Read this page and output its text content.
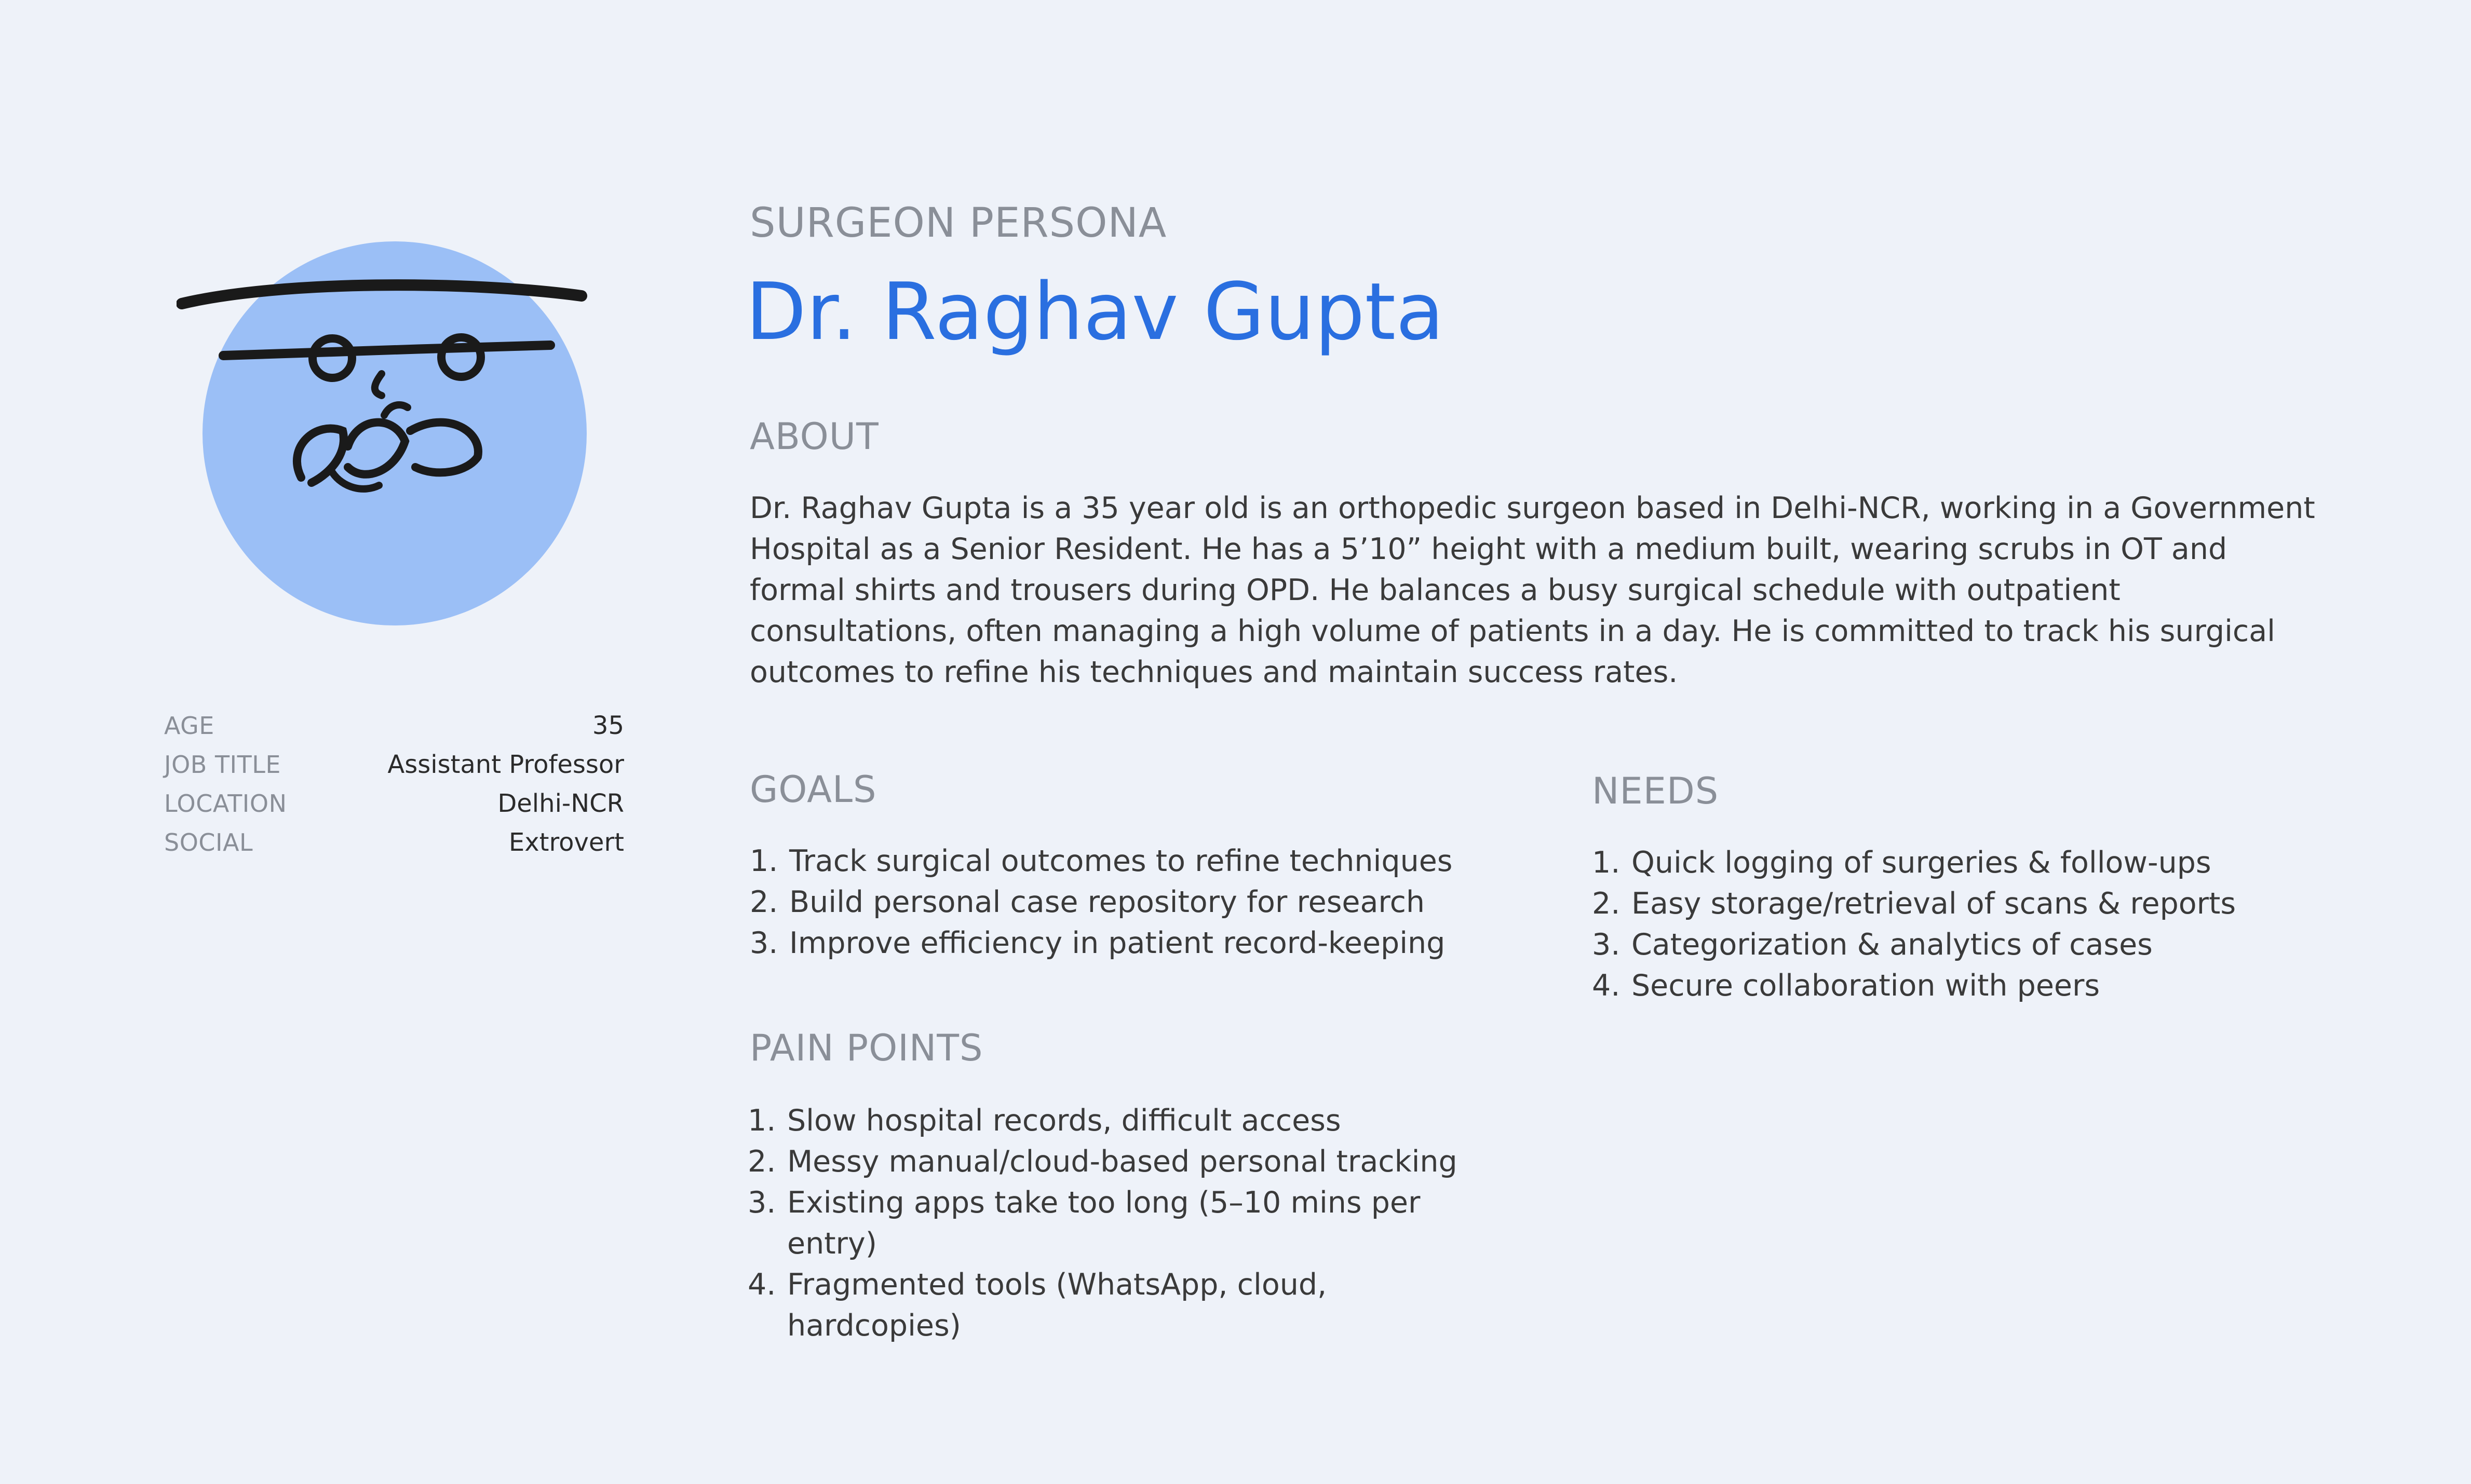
AGE	35
JOB TITLE	Assistant Professor
LOCATION	Delhi-NCR
SOCIAL	Extrovert
SURGEON PERSONA
Dr. Raghav Gupta
ABOUT

Dr. Raghav Gupta is a 35 year old is an orthopedic surgeon based in Delhi-NCR, working in a Government Hospital as a Senior Resident. He has a 5’10” height with a medium built, wearing scrubs in OT and formal shirts and trousers during OPD. He balances a busy surgical schedule with outpatient consultations, often managing a high volume of patients in a day. He is committed to track his surgical outcomes to refine his techniques and maintain success rates.

GOALS
1. Track surgical outcomes to refine techniques
2. Build personal case repository for research
3. Improve efficiency in patient record-keeping
NEEDS
1. Quick logging of surgeries & follow-ups
2. Easy storage/retrieval of scans & reports
3. Categorization & analytics of cases
4. Secure collaboration with peers
PAIN POINTS
1. Slow hospital records, difficult access
2. Messy manual/cloud-based personal tracking
3. Existing apps take too long (5–10 mins per entry)
4. Fragmented tools (WhatsApp, cloud, hardcopies)
